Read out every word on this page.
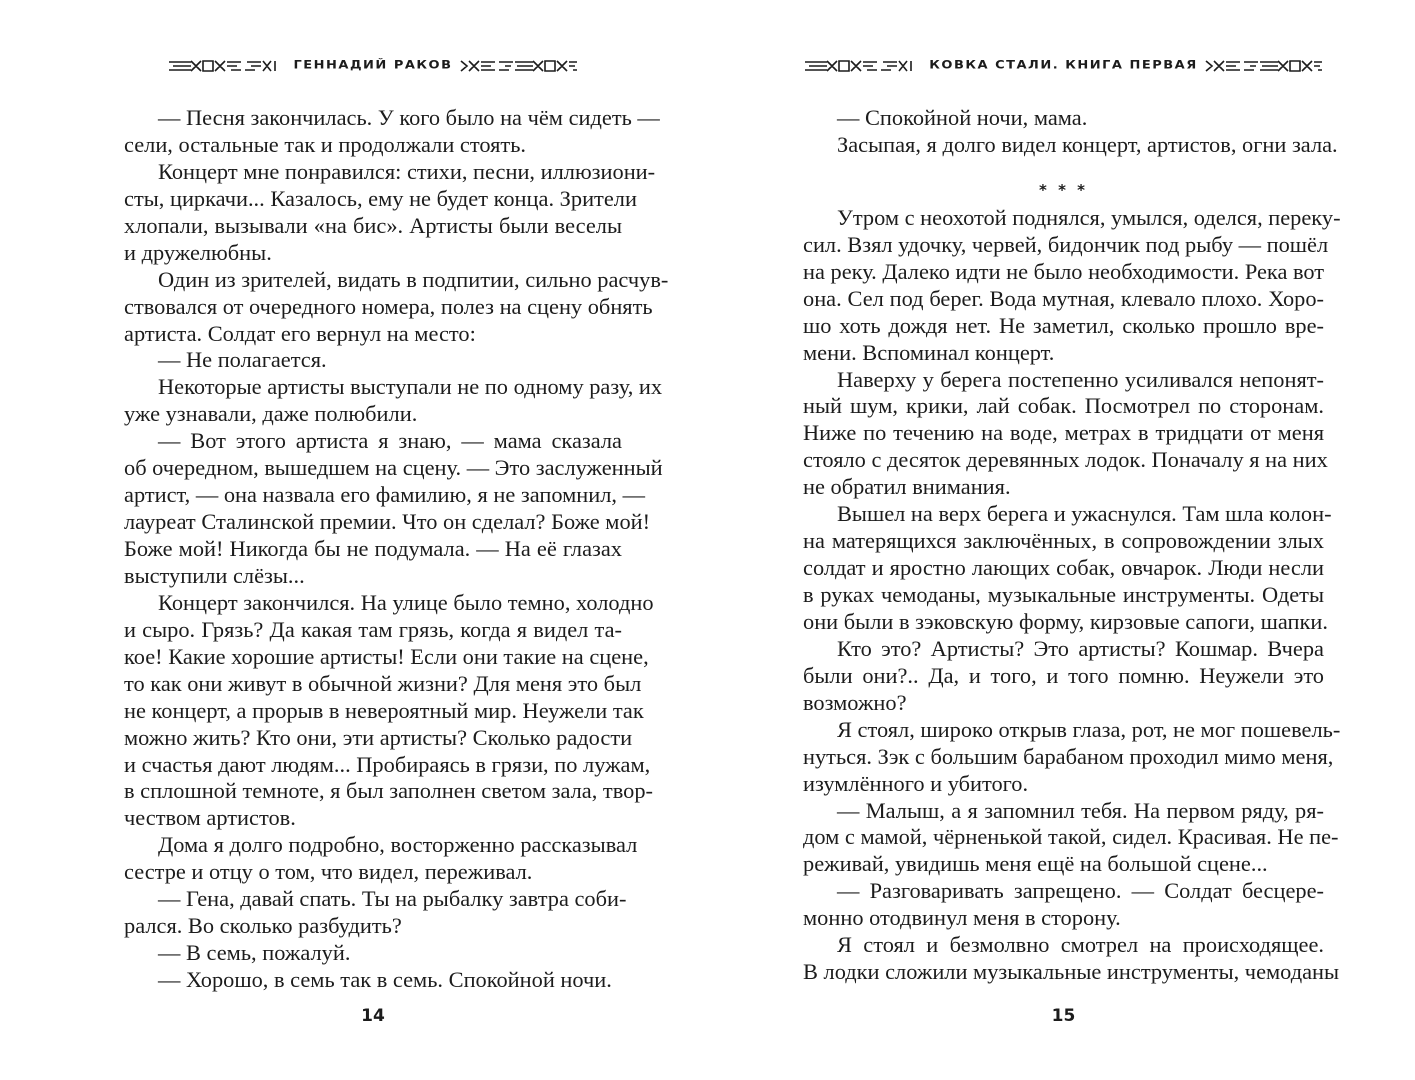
ГЕННАДИЙ РАКОВ
— Песня закончилась. У кого было на чём сидеть —
сели, остальные так и продолжали стоять.
Концерт мне понравился: стихи, песни, иллюзиони-
сты, циркачи... Казалось, ему не будет конца. Зрители
хлопали, вызывали «на бис». Артисты были веселы
и дружелюбны.
Один из зрителей, видать в подпитии, сильно расчув-
ствовался от очередного номера, полез на сцену обнять
артиста. Солдат его вернул на место:
— Не полагается.
Некоторые артисты выступали не по одному разу, их
уже узнавали, даже полюбили.
— Вот этого артиста я знаю, — мама сказала
об очередном, вышедшем на сцену. — Это заслуженный
артист, — она назвала его фамилию, я не запомнил, —
лауреат Сталинской премии. Что он сделал? Боже мой!
Боже мой! Никогда бы не подумала. — На её глазах
выступили слёзы...
Концерт закончился. На улице было темно, холодно
и сыро. Грязь? Да какая там грязь, когда я видел та-
кое! Какие хорошие артисты! Если они такие на сцене,
то как они живут в обычной жизни? Для меня это был
не концерт, а прорыв в невероятный мир. Неужели так
можно жить? Кто они, эти артисты? Сколько радости
и счастья дают людям... Пробираясь в грязи, по лужам,
в сплошной темноте, я был заполнен светом зала, твор-
чеством артистов.
Дома я долго подробно, восторженно рассказывал
сестре и отцу о том, что видел, переживал.
— Гена, давай спать. Ты на рыбалку завтра соби-
рался. Во сколько разбудить?
— В семь, пожалуй.
— Хорошо, в семь так в семь. Спокойной ночи.
14
КОВКА СТАЛИ. КНИГА ПЕРВАЯ
— Спокойной ночи, мама.
Засыпая, я долго видел концерт, артистов, огни зала.
* * *
Утром с неохотой поднялся, умылся, оделся, переку-
сил. Взял удочку, червей, бидончик под рыбу — пошёл
на реку. Далеко идти не было необходимости. Река вот
она. Сел под берег. Вода мутная, клевало плохо. Хоро-
шо хоть дождя нет. Не заметил, сколько прошло вре-
мени. Вспоминал концерт.
Наверху у берега постепенно усиливался непонят-
ный шум, крики, лай собак. Посмотрел по сторонам.
Ниже по течению на воде, метрах в тридцати от меня
стояло с десяток деревянных лодок. Поначалу я на них
не обратил внимания.
Вышел на верх берега и ужаснулся. Там шла колон-
на матерящихся заключённых, в сопровождении злых
солдат и яростно лающих собак, овчарок. Люди несли
в руках чемоданы, музыкальные инструменты. Одеты
они были в зэковскую форму, кирзовые сапоги, шапки.
Кто это? Артисты? Это артисты? Кошмар. Вчера
были они?.. Да, и того, и того помню. Неужели это
возможно?
Я стоял, широко открыв глаза, рот, не мог пошевель-
нуться. Зэк с большим барабаном проходил мимо меня,
изумлённого и убитого.
— Малыш, а я запомнил тебя. На первом ряду, ря-
дом с мамой, чёрненькой такой, сидел. Красивая. Не пе-
реживай, увидишь меня ещё на большой сцене...
— Разговаривать запрещено. — Солдат бесцере-
монно отодвинул меня в сторону.
Я стоял и безмолвно смотрел на происходящее.
В лодки сложили музыкальные инструменты, чемоданы
15
